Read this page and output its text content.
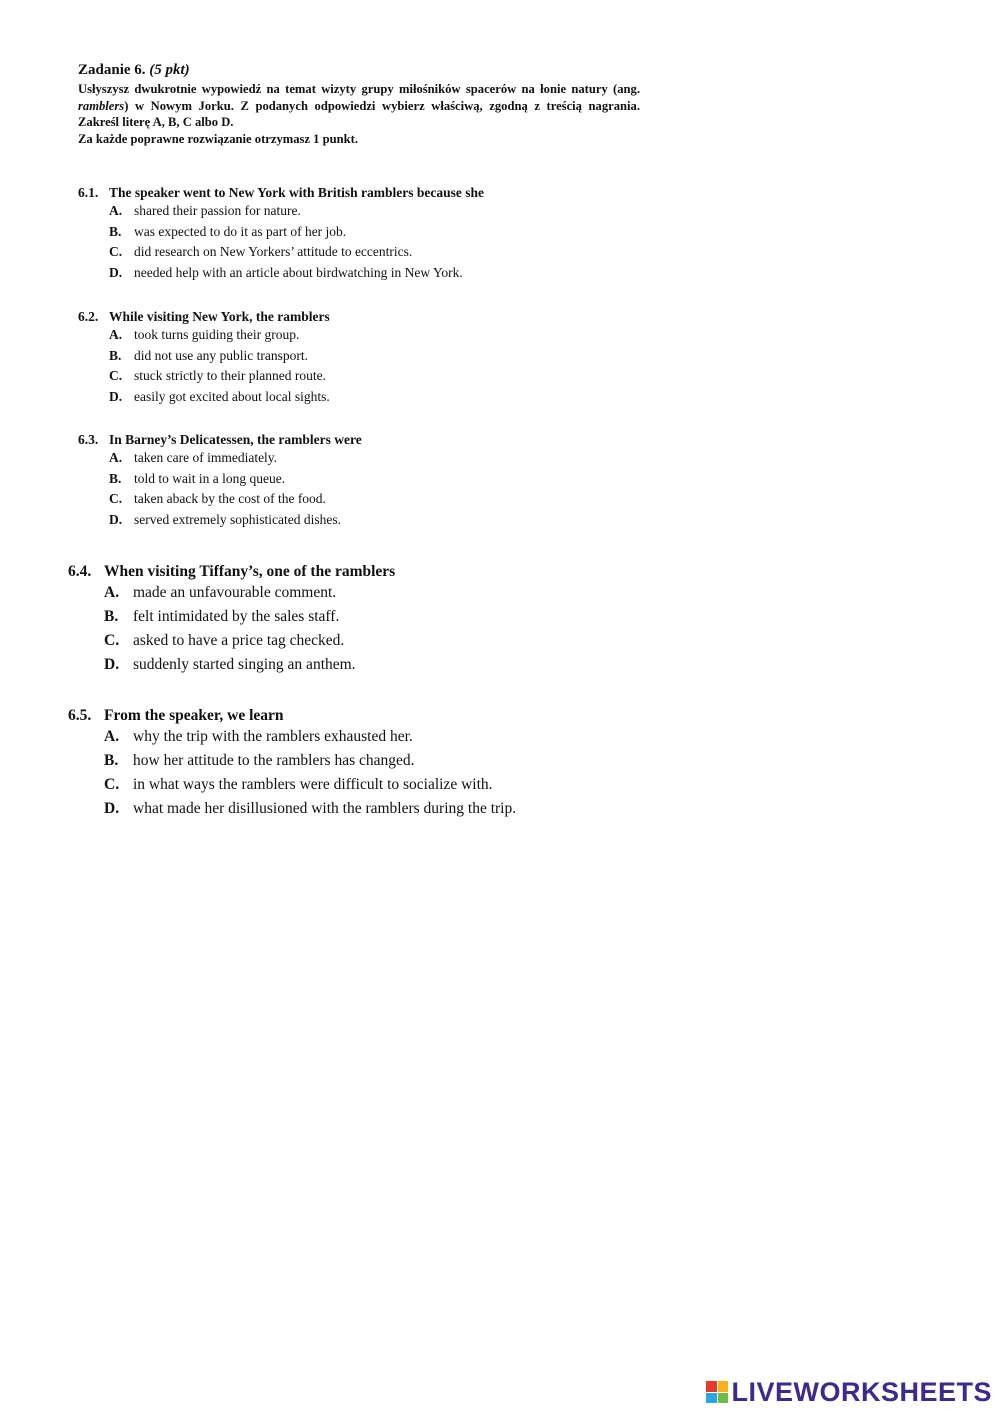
Zadanie 6. (5 pkt)
Usłyszysz dwukrotnie wypowiedź na temat wizyty grupy miłośników spacerów na łonie natury (ang. ramblers) w Nowym Jorku. Z podanych odpowiedzi wybierz właściwą, zgodną z treścią nagrania. Zakreśl literę A, B, C albo D.
Za każde poprawne rozwiązanie otrzymasz 1 punkt.
6.1. The speaker went to New York with British ramblers because she
A. shared their passion for nature.
B. was expected to do it as part of her job.
C. did research on New Yorkers’ attitude to eccentrics.
D. needed help with an article about birdwatching in New York.
6.2. While visiting New York, the ramblers
A. took turns guiding their group.
B. did not use any public transport.
C. stuck strictly to their planned route.
D. easily got excited about local sights.
6.3. In Barney’s Delicatessen, the ramblers were
A. taken care of immediately.
B. told to wait in a long queue.
C. taken aback by the cost of the food.
D. served extremely sophisticated dishes.
6.4. When visiting Tiffany’s, one of the ramblers
A. made an unfavourable comment.
B. felt intimidated by the sales staff.
C. asked to have a price tag checked.
D. suddenly started singing an anthem.
6.5. From the speaker, we learn
A. why the trip with the ramblers exhausted her.
B. how her attitude to the ramblers has changed.
C. in what ways the ramblers were difficult to socialize with.
D. what made her disillusioned with the ramblers during the trip.
LIVEWORKSHEETS
